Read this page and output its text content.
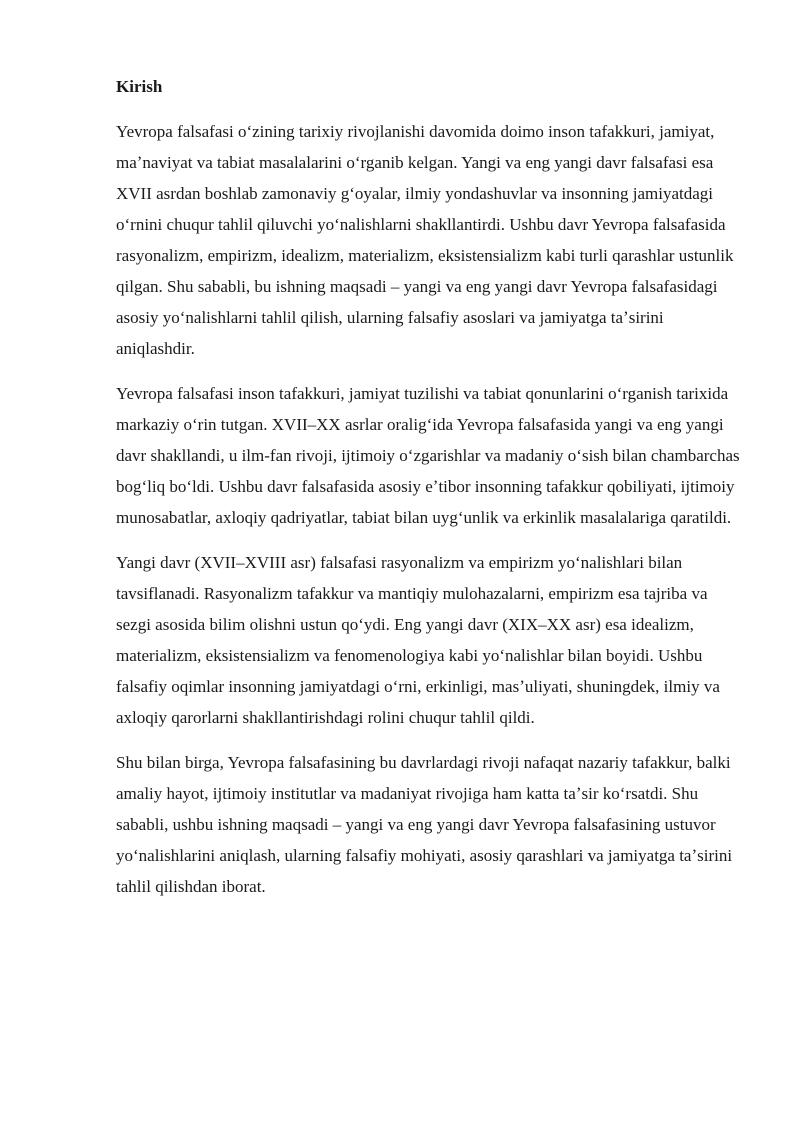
Kirish

Yevropa falsafasi oʻzining tarixiy rivojlanishi davomida doimo inson tafakkuri, jamiyat, maʼnaviyat va tabiat masalalarini oʻrganib kelgan. Yangi va eng yangi davr falsafasi esa XVII asrdan boshlab zamonaviy gʻoyalar, ilmiy yondashuvlar va insonning jamiyatdagi oʻrnini chuqur tahlil qiluvchi yoʻnalishlarni shakllantirdi. Ushbu davr Yevropa falsafasida rasyonalizm, empirizm, idealizm, materializm, eksistensializm kabi turli qarashlar ustunlik qilgan. Shu sababli, bu ishning maqsadi – yangi va eng yangi davr Yevropa falsafasidagi asosiy yoʻnalishlarni tahlil qilish, ularning falsafiy asoslari va jamiyatga taʼsirini aniqlashdir.

Yevropa falsafasi inson tafakkuri, jamiyat tuzilishi va tabiat qonunlarini oʻrganish tarixida markaziy oʻrin tutgan. XVII–XX asrlar oraligʻida Yevropa falsafasida yangi va eng yangi davr shakllandi, u ilm-fan rivoji, ijtimoiy oʻzgarishlar va madaniy oʻsish bilan chambarchas bogʻliq boʻldi. Ushbu davr falsafasida asosiy eʼtibor insonning tafakkur qobiliyati, ijtimoiy munosabatlar, axloqiy qadriyatlar, tabiat bilan uygʻunlik va erkinlik masalalariga qaratildi.

Yangi davr (XVII–XVIII asr) falsafasi rasyonalizm va empirizm yoʻnalishlari bilan tavsiflanadi. Rasyonalizm tafakkur va mantiqiy mulohazalarni, empirizm esa tajriba va sezgi asosida bilim olishni ustun qoʻydi. Eng yangi davr (XIX–XX asr) esa idealizm, materializm, eksistensializm va fenomenologiya kabi yoʻnalishlar bilan boyidi. Ushbu falsafiy oqimlar insonning jamiyatdagi oʻrni, erkinligi, masʼuliyati, shuningdek, ilmiy va axloqiy qarorlarni shakllantirishdagi rolini chuqur tahlil qildi.

Shu bilan birga, Yevropa falsafasining bu davrlardagi rivoji nafaqat nazariy tafakkur, balki amaliy hayot, ijtimoiy institutlar va madaniyat rivojiga ham katta taʼsir koʻrsatdi. Shu sababli, ushbu ishning maqsadi – yangi va eng yangi davr Yevropa falsafasining ustuvor yoʻnalishlarini aniqlash, ularning falsafiy mohiyati, asosiy qarashlari va jamiyatga taʼsirini tahlil qilishdan iborat.
